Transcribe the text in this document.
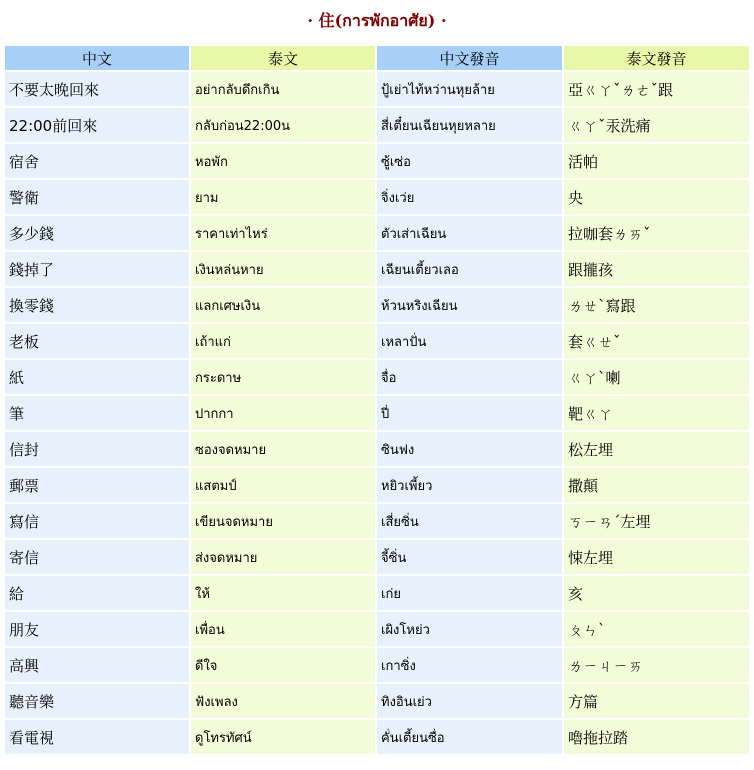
· 住(การพักอาศัย) ·
中文	泰文	中文發音	泰文發音
不要太晚回來	อย่ากลับดึกเกิน	ปู้เย่าไท้หว่านหุยล้าย	亞ㄍㄚˇㄌㄜˇ跟
22:00前回來	กลับก่อน22:00น	สี่เตี๋ยนเฉียนหุยหลาย	ㄍㄚˇ汞洗痛
宿舍	หอพัก	ซู้เซ่อ	活帕
警衛	ยาม	จิ่งเว่ย	央
多少錢	ราคาเท่าไหร่	ตัวเส่าเฉียน	拉咖套ㄌㄞˇ
錢掉了	เงินหล่นหาย	เฉียนเตี้ยวเลอ	跟攏孩
換零錢	แลกเศษเงิน	ห้วนหริงเฉียน	ㄌㄝˋ寫跟
老板	เถ้าแก่	เหลาปั่น	套ㄍㄝˇ
紙	กระดาษ	จื่อ	ㄍㄚˋ喇
筆	ปากกา	ปี่	靶ㄍㄚ
信封	ซองจดหมาย	ซินฟง	松左埋
郵票	แสตมป์	หยิวเพี้ยว	撒顛
寫信	เขียนจดหมาย	เสี่ยซิ่น	ㄎㄧㄢˊ左埋
寄信	ส่งจดหมาย	จี้ซิ่น	悚左埋
給	ให้	เก่ย	亥
朋友	เพื่อน	เผิงโหย่ว	ㄆㄣˋ
高興	ดีใจ	เกาซิ่ง	ㄌㄧㄐㄧㄞ
聽音樂	ฟังเพลง	ทิงอินเย่ว	方篇
看電視	ดูโทรทัศน์	คั่นเตี้ยนซื่อ	嚕拖拉踏
